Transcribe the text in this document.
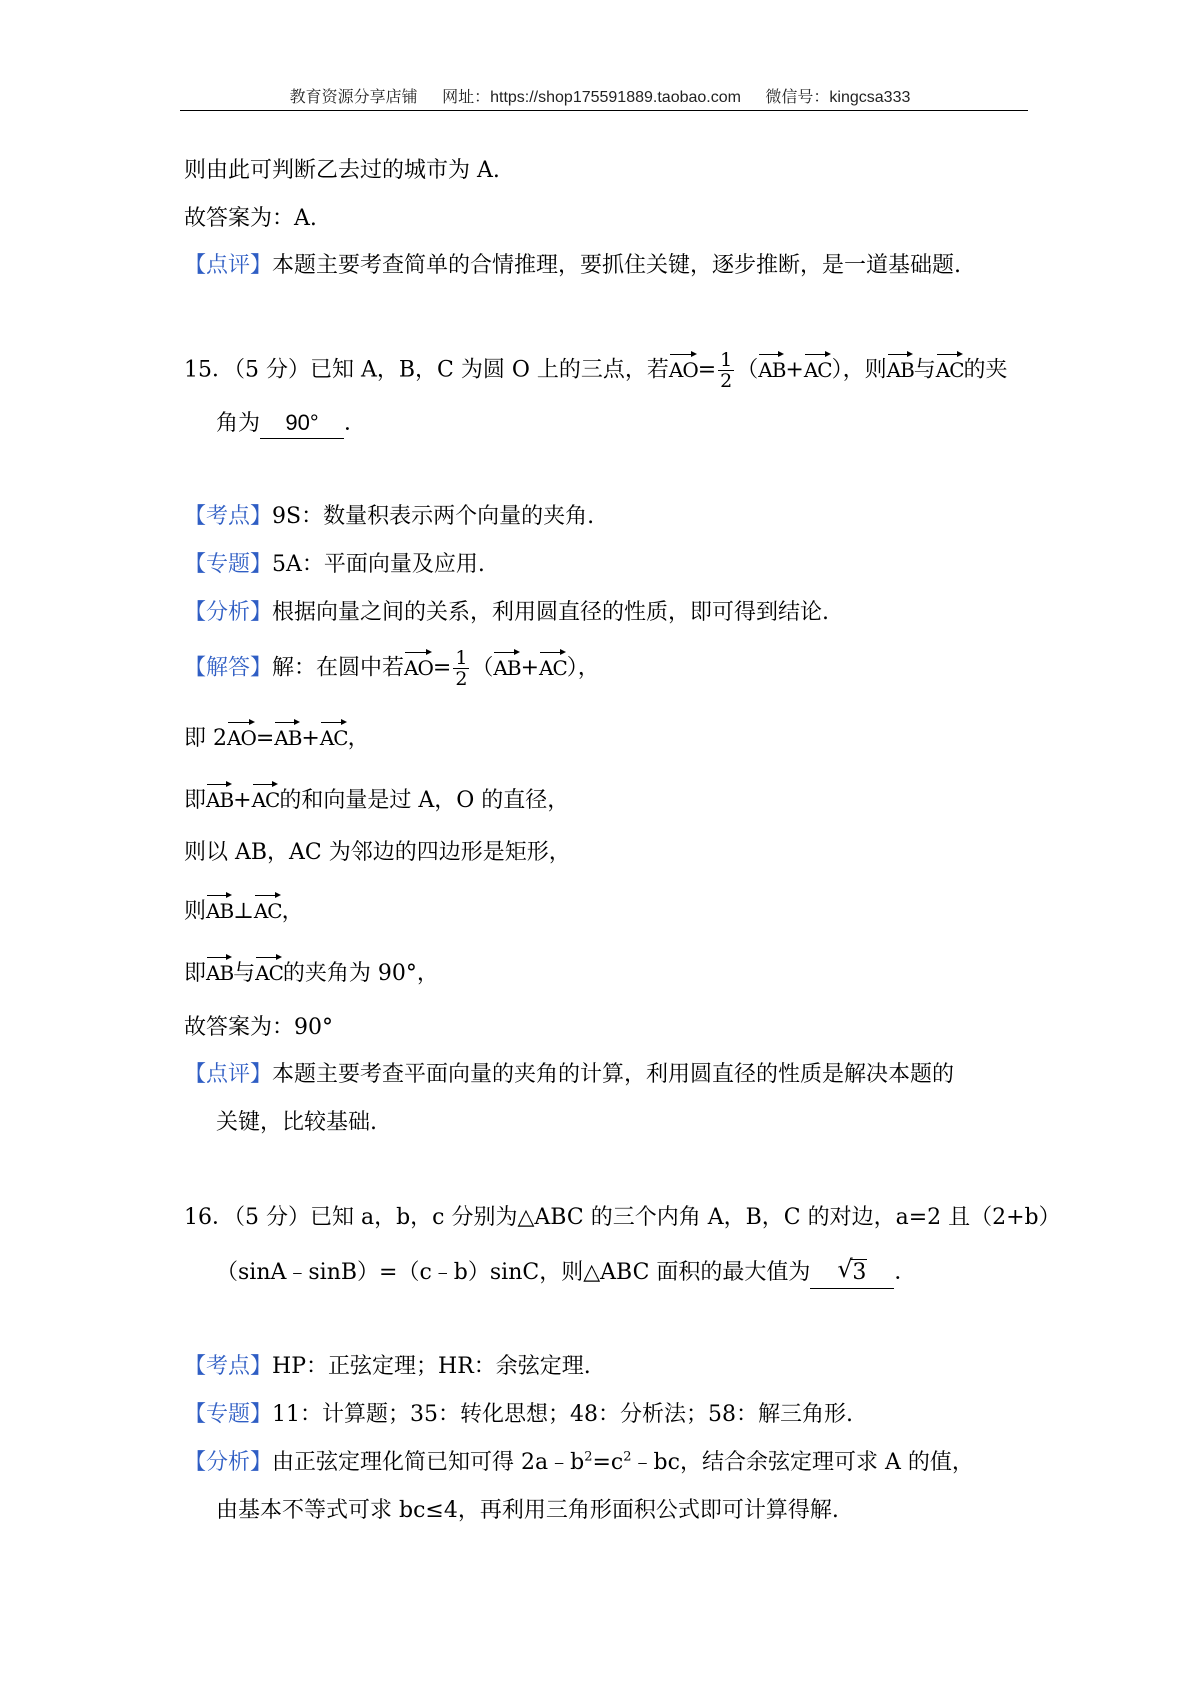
教育资源分享店铺 网址：https://shop175591889.taobao.com 微信号：kingcsa333
则由此可判断乙去过的城市为 A.
故答案为：A.
【点评】本题主要考查简单的合情推理，要抓住关键，逐步推断，是一道基础题.
15．（5 分）已知 A，B，C 为圆 O 上的三点，若$AO= \frac{1}{2} (AB+AC)$，则AB与AC的夹
角为 90° ．
【考点】9S：数量积表示两个向量的夹角.
【专题】5A：平面向量及应用.
【分析】根据向量之间的关系，利用圆直径的性质，即可得到结论.
【解答】解：在圆中若$AO= \frac{1}{2} (AB+AC)$，
即 2AO=AB+AC，
即AB+AC的和向量是过 A，O 的直径，
则以 AB，AC 为邻边的四边形是矩形，
则AB⊥AC，
即AB与AC的夹角为 90°，
故答案为：90°
【点评】本题主要考查平面向量的夹角的计算，利用圆直径的性质是解决本题的
关键，比较基础.
16．（5 分）已知 a，b，c 分别为△ABC 的三个内角 A，B，C 的对边，a=2 且（2+b）
（sinA﹣sinB）=（c﹣b）sinC，则△ABC 面积的最大值为 √ 3 ．
【考点】HP：正弦定理；HR：余弦定理.
【专题】11：计算题；35：转化思想；48：分析法；58：解三角形.
【分析】由正弦定理化简已知可得 $2a﹣b^2=c^2﹣bc$，结合余弦定理可求 A 的值，
由基本不等式可求 bc≤4，再利用三角形面积公式即可计算得解.
